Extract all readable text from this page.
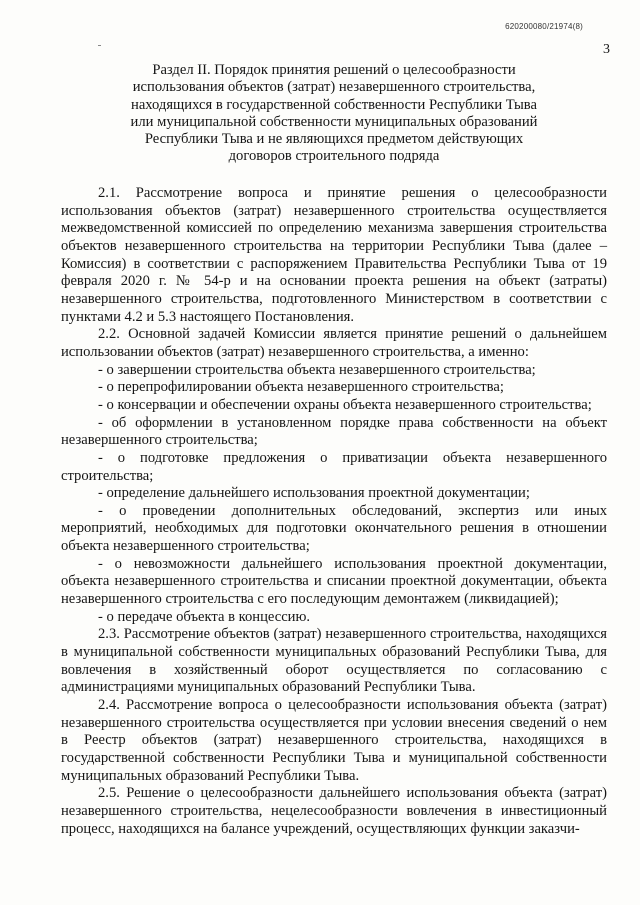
620200080/21974(8)
3
Раздел II. Порядок принятия решений о целесообразности
использования объектов (затрат) незавершенного строительства,
находящихся в государственной собственности Республики Тыва
или муниципальной собственности муниципальных образований
Республики Тыва и не являющихся предметом действующих
договоров строительного подряда

2.1. Рассмотрение вопроса и принятие решения о целесообразности использования объектов (затрат) незавершенного строительства осуществляется межведомственной комиссией по определению механизма завершения строительства объектов незавершенного строительства на территории Республики Тыва (далее – Комиссия) в соответствии с распоряжением Правительства Республики Тыва от 19 февраля 2020 г. № 54-р и на основании проекта решения на объект (затраты) незавершенного строительства, подготовленного Министерством в соответствии с пунктами 4.2 и 5.3 настоящего Постановления.

2.2. Основной задачей Комиссии является принятие решений о дальнейшем использовании объектов (затрат) незавершенного строительства, а именно:

- о завершении строительства объекта незавершенного строительства;

- о перепрофилировании объекта незавершенного строительства;

- о консервации и обеспечении охраны объекта незавершенного строительства;

- об оформлении в установленном порядке права собственности на объект незавершенного строительства;

- о подготовке предложения о приватизации объекта незавершенного строительства;

- определение дальнейшего использования проектной документации;

- о проведении дополнительных обследований, экспертиз или иных мероприятий, необходимых для подготовки окончательного решения в отношении объекта незавершенного строительства;

- о невозможности дальнейшего использования проектной документации, объекта незавершенного строительства и списании проектной документации, объекта незавершенного строительства с его последующим демонтажем (ликвидацией);

- о передаче объекта в концессию.

2.3. Рассмотрение объектов (затрат) незавершенного строительства, находящихся в муниципальной собственности муниципальных образований Республики Тыва, для вовлечения в хозяйственный оборот осуществляется по согласованию с администрациями муниципальных образований Республики Тыва.

2.4. Рассмотрение вопроса о целесообразности использования объекта (затрат) незавершенного строительства осуществляется при условии внесения сведений о нем в Реестр объектов (затрат) незавершенного строительства, находящихся в государственной собственности Республики Тыва и муниципальной собственности муниципальных образований Республики Тыва.

2.5. Решение о целесообразности дальнейшего использования объекта (затрат) незавершенного строительства, нецелесообразности вовлечения в инвестиционный процесс, находящихся на балансе учреждений, осуществляющих функции заказчи-
